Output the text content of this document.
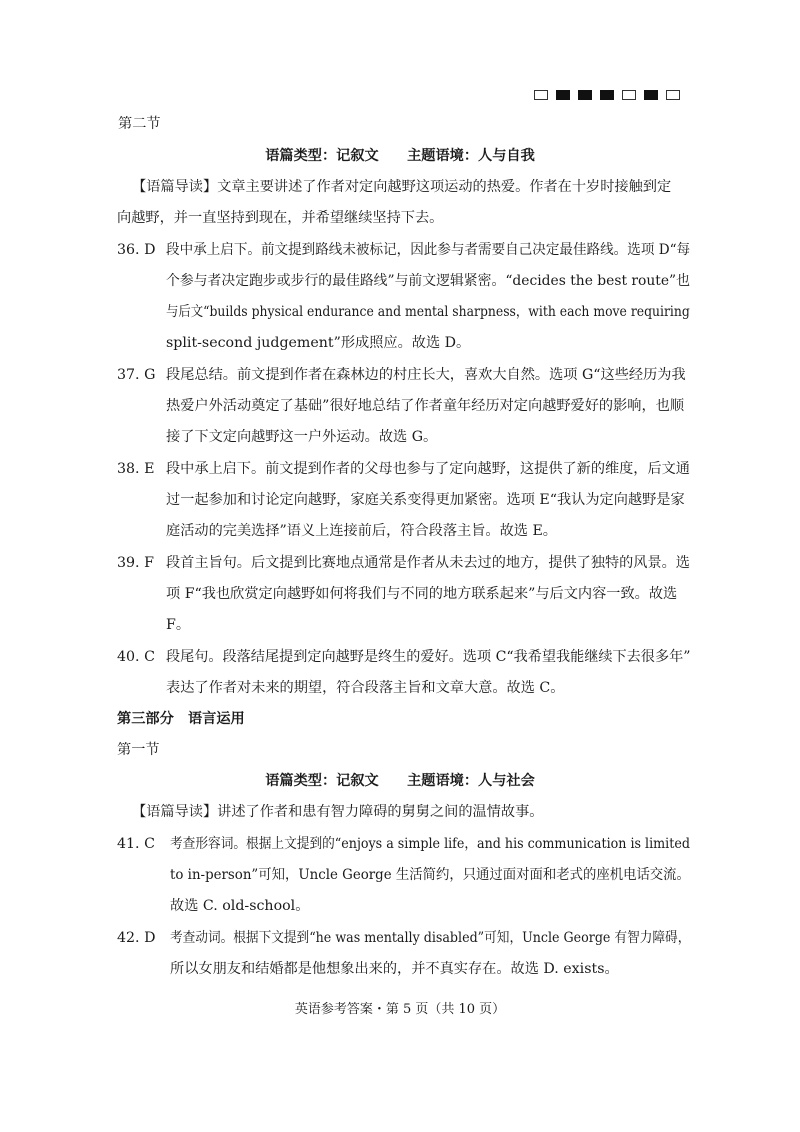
第二节
语篇类型：记叙文　　主题语境：人与自我
【语篇导读】文章主要讲述了作者对定向越野这项运动的热爱。作者在十岁时接触到定
向越野，并一直坚持到现在，并希望继续坚持下去。
36. D 段中承上启下。前文提到路线未被标记，因此参与者需要自己决定最佳路线。选项 D“每
个参与者决定跑步或步行的最佳路线”与前文逻辑紧密。“decides the best route”也
与后文“builds physical endurance and mental sharpness，with each move requiring
split-second judgement”形成照应。故选 D。
37. G 段尾总结。前文提到作者在森林边的村庄长大，喜欢大自然。选项 G“这些经历为我
热爱户外活动奠定了基础”很好地总结了作者童年经历对定向越野爱好的影响，也顺
接了下文定向越野这一户外运动。故选 G。
38. E 段中承上启下。前文提到作者的父母也参与了定向越野，这提供了新的维度，后文通
过一起参加和讨论定向越野，家庭关系变得更加紧密。选项 E“我认为定向越野是家
庭活动的完美选择”语义上连接前后，符合段落主旨。故选 E。
39. F 段首主旨句。后文提到比赛地点通常是作者从未去过的地方，提供了独特的风景。选
项 F“我也欣赏定向越野如何将我们与不同的地方联系起来”与后文内容一致。故选
F。
40. C 段尾句。段落结尾提到定向越野是终生的爱好。选项 C“我希望我能继续下去很多年”
表达了作者对未来的期望，符合段落主旨和文章大意。故选 C。
第三部分　语言运用
第一节
语篇类型：记叙文　　主题语境：人与社会
【语篇导读】讲述了作者和患有智力障碍的舅舅之间的温情故事。
41. C 考查形容词。根据上文提到的“enjoys a simple life，and his communication is limited
to in-person”可知，Uncle George 生活简约，只通过面对面和老式的座机电话交流。
故选 C. old-school。
42. D 考查动词。根据下文提到“he was mentally disabled”可知，Uncle George 有智力障碍，
所以女朋友和结婚都是他想象出来的，并不真实存在。故选 D. exists。
英语参考答案・第 5 页（共 10 页）
